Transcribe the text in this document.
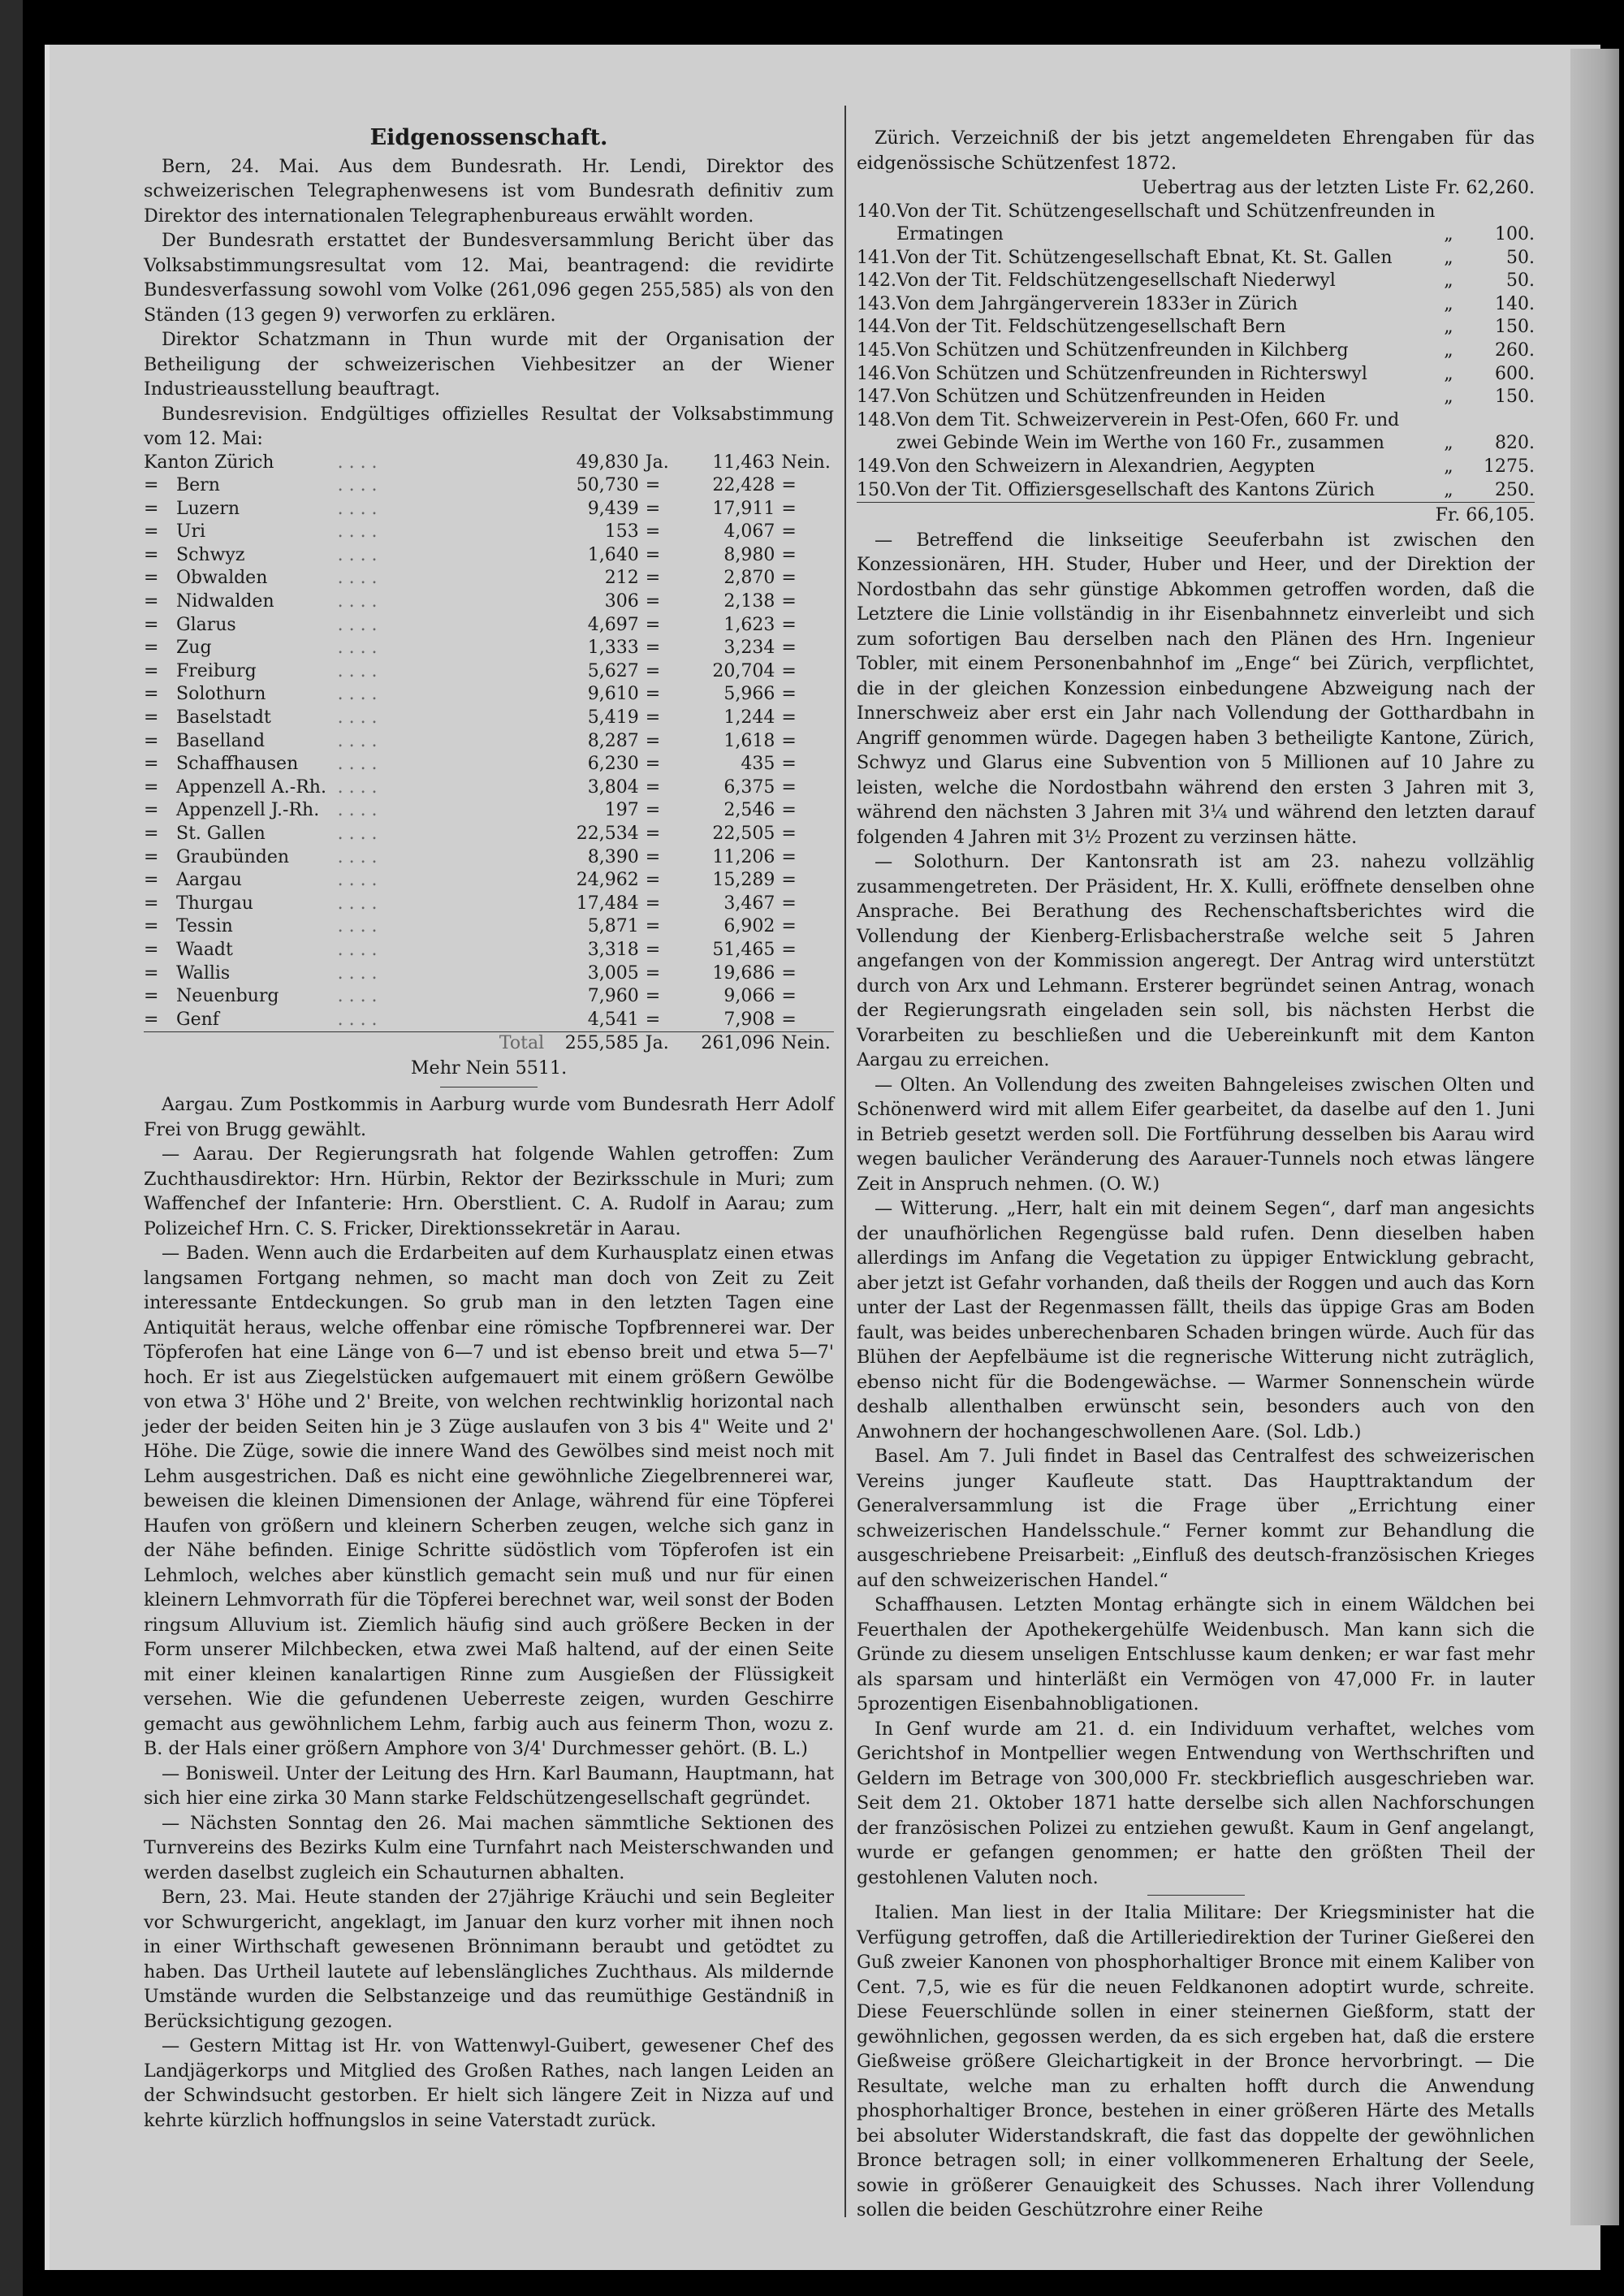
Eidgenossenschaft.

Bern, 24. Mai. Aus dem Bundesrath. Hr. Lendi, Direktor des schweizerischen Telegraphenwesens ist vom Bundesrath definitiv zum Direktor des internationalen Telegraphenbureaus erwählt worden.

Der Bundesrath erstattet der Bundesversammlung Bericht über das Volksabstimmungsresultat vom 12. Mai, beantragend: die revidirte Bundesverfassung sowohl vom Volke (261,096 gegen 255,585) als von den Ständen (13 gegen 9) verworfen zu erklären.

Direktor Schatzmann in Thun wurde mit der Organisation der Betheiligung der schweizerischen Viehbesitzer an der Wiener Industrieausstellung beauftragt.

Bundesrevision. Endgültiges offizielles Resultat der Volksabstimmung vom 12. Mai:

Kanton Zürich	. . . .	49,830	Ja.	11,463	Nein.
= Bern	. . . .	50,730	=	22,428	=
= Luzern	. . . .	9,439	=	17,911	=
= Uri	. . . .	153	=	4,067	=
= Schwyz	. . . .	1,640	=	8,980	=
= Obwalden	. . . .	212	=	2,870	=
= Nidwalden	. . . .	306	=	2,138	=
= Glarus	. . . .	4,697	=	1,623	=
= Zug	. . . .	1,333	=	3,234	=
= Freiburg	. . . .	5,627	=	20,704	=
= Solothurn	. . . .	9,610	=	5,966	=
= Baselstadt	. . . .	5,419	=	1,244	=
= Baselland	. . . .	8,287	=	1,618	=
= Schaffhausen	. . . .	6,230	=	435	=
= Appenzell A.-Rh.	. . . .	3,804	=	6,375	=
= Appenzell J.-Rh.	. . . .	197	=	2,546	=
= St. Gallen	. . . .	22,534	=	22,505	=
= Graubünden	. . . .	8,390	=	11,206	=
= Aargau	. . . .	24,962	=	15,289	=
= Thurgau	. . . .	17,484	=	3,467	=
= Tessin	. . . .	5,871	=	6,902	=
= Waadt	. . . .	3,318	=	51,465	=
= Wallis	. . . .	3,005	=	19,686	=
= Neuenburg	. . . .	7,960	=	9,066	=
= Genf	. . . .	4,541	=	7,908	=
	Total	255,585	Ja.	261,096	Nein.
Mehr Nein 5511.

Aargau. Zum Postkommis in Aarburg wurde vom Bundesrath Herr Adolf Frei von Brugg gewählt.

— Aarau. Der Regierungsrath hat folgende Wahlen getroffen: Zum Zuchthausdirektor: Hrn. Hürbin, Rektor der Bezirksschule in Muri; zum Waffenchef der Infanterie: Hrn. Oberstlient. C. A. Rudolf in Aarau; zum Polizeichef Hrn. C. S. Fricker, Direktionssekretär in Aarau.

— Baden. Wenn auch die Erdarbeiten auf dem Kurhausplatz einen etwas langsamen Fortgang nehmen, so macht man doch von Zeit zu Zeit interessante Entdeckungen. So grub man in den letzten Tagen eine Antiquität heraus, welche offenbar eine römische Topfbrennerei war. Der Töpferofen hat eine Länge von 6—7 und ist ebenso breit und etwa 5—7' hoch. Er ist aus Ziegelstücken aufgemauert mit einem größern Gewölbe von etwa 3' Höhe und 2' Breite, von welchen rechtwinklig horizontal nach jeder der beiden Seiten hin je 3 Züge auslaufen von 3 bis 4" Weite und 2' Höhe. Die Züge, sowie die innere Wand des Gewölbes sind meist noch mit Lehm ausgestrichen. Daß es nicht eine gewöhnliche Ziegelbrennerei war, beweisen die kleinen Dimensionen der Anlage, während für eine Töpferei Haufen von größern und kleinern Scherben zeugen, welche sich ganz in der Nähe befinden. Einige Schritte südöstlich vom Töpferofen ist ein Lehmloch, welches aber künstlich gemacht sein muß und nur für einen kleinern Lehmvorrath für die Töpferei berechnet war, weil sonst der Boden ringsum Alluvium ist. Ziemlich häufig sind auch größere Becken in der Form unserer Milchbecken, etwa zwei Maß haltend, auf der einen Seite mit einer kleinen kanalartigen Rinne zum Ausgießen der Flüssigkeit versehen. Wie die gefundenen Ueberreste zeigen, wurden Geschirre gemacht aus gewöhnlichem Lehm, farbig auch aus feinerm Thon, wozu z. B. der Hals einer größern Amphore von 3/4' Durchmesser gehört. (B. L.)

— Bonisweil. Unter der Leitung des Hrn. Karl Baumann, Hauptmann, hat sich hier eine zirka 30 Mann starke Feldschützengesellschaft gegründet.

— Nächsten Sonntag den 26. Mai machen sämmtliche Sektionen des Turnvereins des Bezirks Kulm eine Turnfahrt nach Meisterschwanden und werden daselbst zugleich ein Schauturnen abhalten.

Bern, 23. Mai. Heute standen der 27jährige Kräuchi und sein Begleiter vor Schwurgericht, angeklagt, im Januar den kurz vorher mit ihnen noch in einer Wirthschaft gewesenen Brönnimann beraubt und getödtet zu haben. Das Urtheil lautete auf lebenslängliches Zuchthaus. Als mildernde Umstände wurden die Selbstanzeige und das reumüthige Geständniß in Berücksichtigung gezogen.

— Gestern Mittag ist Hr. von Wattenwyl-Guibert, gewesener Chef des Landjägerkorps und Mitglied des Großen Rathes, nach langen Leiden an der Schwindsucht gestorben. Er hielt sich längere Zeit in Nizza auf und kehrte kürzlich hoffnungslos in seine Vaterstadt zurück.

Zürich. Verzeichniß der bis jetzt angemeldeten Ehrengaben für das eidgenössische Schützenfest 1872.

Uebertrag aus der letzten Liste Fr. 62,260.
140.	Von der Tit. Schützengesellschaft und Schützenfreunden in Ermatingen	„	100.
141.	Von der Tit. Schützengesellschaft Ebnat, Kt. St. Gallen	„	50.
142.	Von der Tit. Feldschützengesellschaft Niederwyl	„	50.
143.	Von dem Jahrgängerverein 1833er in Zürich	„	140.
144.	Von der Tit. Feldschützengesellschaft Bern	„	150.
145.	Von Schützen und Schützenfreunden in Kilchberg	„	260.
146.	Von Schützen und Schützenfreunden in Richterswyl	„	600.
147.	Von Schützen und Schützenfreunden in Heiden	„	150.
148.	Von dem Tit. Schweizerverein in Pest-Ofen, 660 Fr. und zwei Gebinde Wein im Werthe von 160 Fr., zusammen	„	820.
149.	Von den Schweizern in Alexandrien, Aegypten	„	1275.
150.	Von der Tit. Offiziersgesellschaft des Kantons Zürich	„	250.
Fr. 66,105.

— Betreffend die linkseitige Seeuferbahn ist zwischen den Konzessionären, HH. Studer, Huber und Heer, und der Direktion der Nordostbahn das sehr günstige Abkommen getroffen worden, daß die Letztere die Linie vollständig in ihr Eisenbahnnetz einverleibt und sich zum sofortigen Bau derselben nach den Plänen des Hrn. Ingenieur Tobler, mit einem Personenbahnhof im „Enge“ bei Zürich, verpflichtet, die in der gleichen Konzession einbedungene Abzweigung nach der Innerschweiz aber erst ein Jahr nach Vollendung der Gotthardbahn in Angriff genommen würde. Dagegen haben 3 betheiligte Kantone, Zürich, Schwyz und Glarus eine Subvention von 5 Millionen auf 10 Jahre zu leisten, welche die Nordostbahn während den ersten 3 Jahren mit 3, während den nächsten 3 Jahren mit 3¼ und während den letzten darauf folgenden 4 Jahren mit 3½ Prozent zu verzinsen hätte.

— Solothurn. Der Kantonsrath ist am 23. nahezu vollzählig zusammengetreten. Der Präsident, Hr. X. Kulli, eröffnete denselben ohne Ansprache. Bei Berathung des Rechenschaftsberichtes wird die Vollendung der Kienberg-Erlisbacherstraße welche seit 5 Jahren angefangen von der Kommission angeregt. Der Antrag wird unterstützt durch von Arx und Lehmann. Ersterer begründet seinen Antrag, wonach der Regierungsrath eingeladen sein soll, bis nächsten Herbst die Vorarbeiten zu beschließen und die Uebereinkunft mit dem Kanton Aargau zu erreichen.

— Olten. An Vollendung des zweiten Bahngeleises zwischen Olten und Schönenwerd wird mit allem Eifer gearbeitet, da daselbe auf den 1. Juni in Betrieb gesetzt werden soll. Die Fortführung desselben bis Aarau wird wegen baulicher Veränderung des Aarauer-Tunnels noch etwas längere Zeit in Anspruch nehmen. (O. W.)

— Witterung. „Herr, halt ein mit deinem Segen“, darf man angesichts der unaufhörlichen Regengüsse bald rufen. Denn dieselben haben allerdings im Anfang die Vegetation zu üppiger Entwicklung gebracht, aber jetzt ist Gefahr vorhanden, daß theils der Roggen und auch das Korn unter der Last der Regenmassen fällt, theils das üppige Gras am Boden fault, was beides unberechenbaren Schaden bringen würde. Auch für das Blühen der Aepfelbäume ist die regnerische Witterung nicht zuträglich, ebenso nicht für die Bodengewächse. — Warmer Sonnenschein würde deshalb allenthalben erwünscht sein, besonders auch von den Anwohnern der hochangeschwollenen Aare. (Sol. Ldb.)

Basel. Am 7. Juli findet in Basel das Centralfest des schweizerischen Vereins junger Kaufleute statt. Das Haupttraktandum der Generalversammlung ist die Frage über „Errichtung einer schweizerischen Handelsschule.“ Ferner kommt zur Behandlung die ausgeschriebene Preisarbeit: „Einfluß des deutsch-französischen Krieges auf den schweizerischen Handel.“

Schaffhausen. Letzten Montag erhängte sich in einem Wäldchen bei Feuerthalen der Apothekergehülfe Weidenbusch. Man kann sich die Gründe zu diesem unseligen Entschlusse kaum denken; er war fast mehr als sparsam und hinterläßt ein Vermögen von 47,000 Fr. in lauter 5prozentigen Eisenbahnobligationen.

In Genf wurde am 21. d. ein Individuum verhaftet, welches vom Gerichtshof in Montpellier wegen Entwendung von Werthschriften und Geldern im Betrage von 300,000 Fr. steckbrieflich ausgeschrieben war. Seit dem 21. Oktober 1871 hatte derselbe sich allen Nachforschungen der französischen Polizei zu entziehen gewußt. Kaum in Genf angelangt, wurde er gefangen genommen; er hatte den größten Theil der gestohlenen Valuten noch.

Italien. Man liest in der Italia Militare: Der Kriegsminister hat die Verfügung getroffen, daß die Artilleriedirektion der Turiner Gießerei den Guß zweier Kanonen von phosphorhaltiger Bronce mit einem Kaliber von Cent. 7,5, wie es für die neuen Feldkanonen adoptirt wurde, schreite. Diese Feuerschlünde sollen in einer steinernen Gießform, statt der gewöhnlichen, gegossen werden, da es sich ergeben hat, daß die erstere Gießweise größere Gleichartigkeit in der Bronce hervorbringt. — Die Resultate, welche man zu erhalten hofft durch die Anwendung phosphorhaltiger Bronce, bestehen in einer größeren Härte des Metalls bei absoluter Widerstandskraft, die fast das doppelte der gewöhnlichen Bronce betragen soll; in einer vollkommeneren Erhaltung der Seele, sowie in größerer Genauigkeit des Schusses. Nach ihrer Vollendung sollen die beiden Geschützrohre einer Reihe
